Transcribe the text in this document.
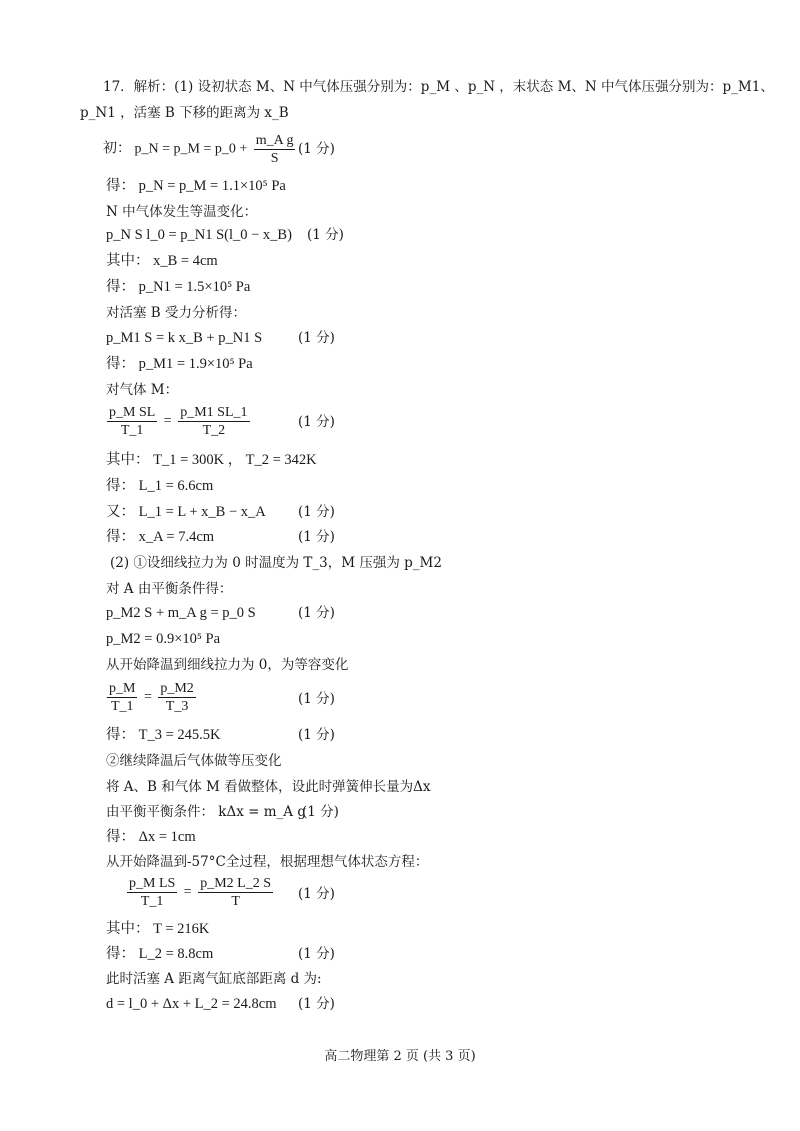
17．解析：(1) 设初状态 M、N 中气体压强分别为：p_M 、p_N ，末状态 M、N 中气体压强分别为：p_M1、
p_N1 ，活塞 B 下移的距离为 x_B
初： p_N = p_M = p_0 + $\frac{\text{m\_A g}}{S} (1$ 分)
得： p_N = p_M = 1.1×10⁵ Pa
N 中气体发生等温变化：
p_N S l_0 = p_N1 S(l_0 − x_B) (1 分)
其中： x_B = 4cm
得： p_N1 = 1.5×10⁵ Pa
对活塞 B 受力分析得：
p_M1 S = k x_B + p_N1 S	(1 分)
得： p_M1 = 1.9×10⁵ Pa
对气体 M：
$\frac{\text{p\_M SL}}{T\_1} = \frac{p\_M1 SL\_1}{T\_2}$	(1 分)
其中： T_1 = 300K ， T_2 = 342K
得： L_1 = 6.6cm
又： L_1 = L + x_B − x_A (1 分)
得： x_A = 7.4cm	(1 分)
(2) ①设细线拉力为 0 时温度为 T_3，M 压强为 p_M2
对 A 由平衡条件得：
p_M2 S + m_A g = p_0 S	(1 分)
p_M2 = 0.9×10⁵ Pa
从开始降温到细线拉力为 0，为等容变化
$\frac{p\_M}{T\_1} = \frac{p\_M2}{T\_3}$	(1 分)
得： T_3 = 245.5K	(1 分)
②继续降温后气体做等压变化
将 A、B 和气体 M 看做整体，设此时弹簧伸长量为Δx
由平衡平衡条件： kΔx = m_A g
(1 分)
得： Δx = 1cm
从开始降温到-57°C全过程，根据理想气体状态方程：
$\frac{\text{p\_M LS}}{T\_1} = \frac{p\_M2 L\_2 S}{T} (1$ 分)
其中： T = 216K
得： L_2 = 8.8cm	(1 分)
此时活塞 A 距离气缸底部距离 d 为:
d = l_0 + Δx + L_2 = 24.8cm (1 分)
高二物理第 2 页 (共 3 页)
